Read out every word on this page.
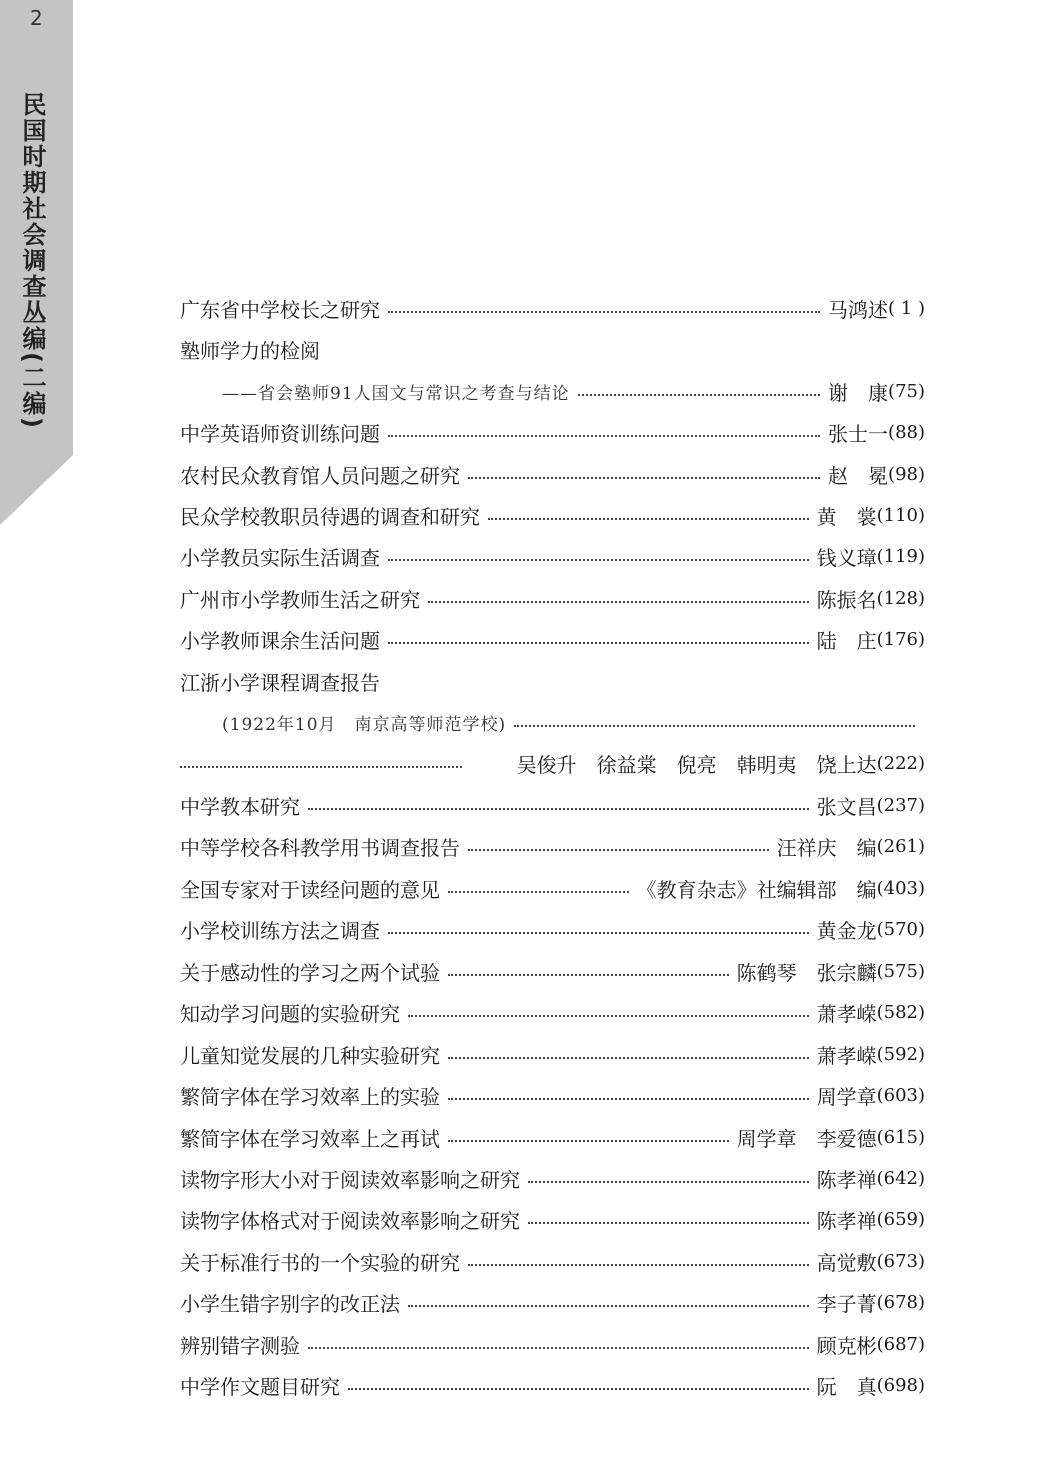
2
民国时期社会调查丛编(二编)	广东省中学校长之研究	马鸿述 ( 1 )
塾师学力的检阅
——省会塾师91人国文与常识之考查与结论	谢　康 (75)
中学英语师资训练问题	张士一 (88)
农村民众教育馆人员问题之研究	赵　冕 (98)
民众学校教职员待遇的调查和研究	黄　裳 (110)
小学教员实际生活调查	钱义璋 (119)
广州市小学教师生活之研究	陈振名 (128)
小学教师课余生活问题	陆　庄 (176)
江浙小学课程调查报告
(1922年10月　南京高等师范学校)
吴俊升　徐益棠　倪亮　韩明夷　饶上达 (222)
中学教本研究	张文昌 (237)
中等学校各科教学用书调查报告	汪祥庆　编 (261)
全国专家对于读经问题的意见	《教育杂志》社编辑部　编 (403)
小学校训练方法之调查	黄金龙 (570)
关于感动性的学习之两个试验	陈鹤琴　张宗麟 (575)
知动学习问题的实验研究	萧孝嵘 (582)
儿童知觉发展的几种实验研究	萧孝嵘 (592)
繁简字体在学习效率上的实验	周学章 (603)
繁简字体在学习效率上之再试	周学章　李爱德 (615)
读物字形大小对于阅读效率影响之研究	陈孝禅 (642)
读物字体格式对于阅读效率影响之研究	陈孝禅 (659)
关于标准行书的一个实验的研究	高觉敷 (673)
小学生错字别字的改正法	李子菁 (678)
辨别错字测验	顾克彬 (687)
中学作文题目研究	阮　真 (698)
